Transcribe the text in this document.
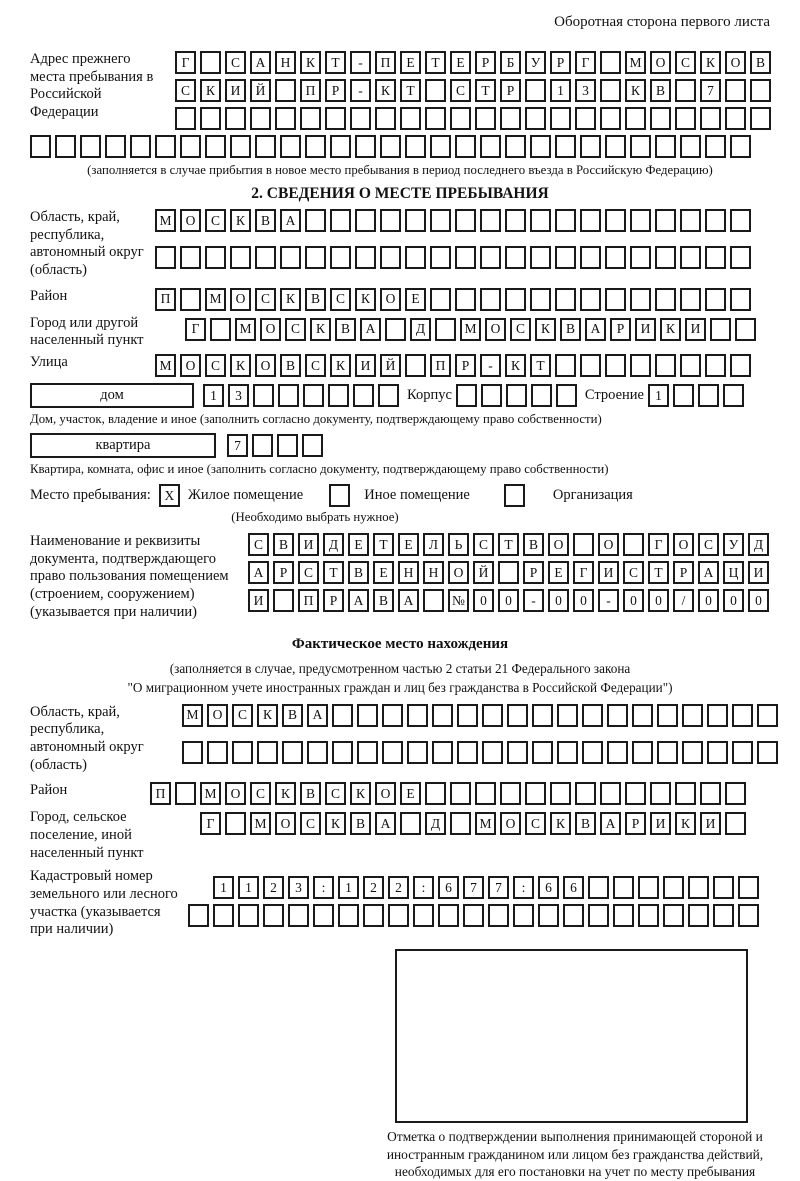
Оборотная сторона первого листа
Адрес прежнего места пребывания в Российской Федерации
Г	С	А	Н	К	Т	-	П	Е	Т	Е	Р	Б	У	Р	Г	М	О	С	К	О	В
С	К	И	Й	П	Р	-	К	Т	С	Т	Р	1	3	К	В	7
(заполняется в случае прибытия в новое место пребывания в период последнего въезда в Российскую Федерацию)
2. СВЕДЕНИЯ О МЕСТЕ ПРЕБЫВАНИЯ
Область, край, республика, автономный округ (область)
М	О	С	К	В	А
Район	П	М	О	С	К	В	С	К	О	Е
Город или другой населенный пункт
Г	М	О	С	К	В	А	Д	М	О	С	К	В	А	Р	И	К	И
Улица	М	О	С	К	О	В	С	К	И	Й	П	Р	-	К	Т
дом	1	3	Корпус	Строение 1
Дом, участок, владение и иное (заполнить согласно документу, подтверждающему право собственности)
квартира	7
Квартира, комната, офис и иное (заполнить согласно документу, подтверждающему право собственности)
Место пребывания:	X Жилое помещение	Иное помещение	Организация
(Необходимо выбрать нужное)
Наименование и реквизиты документа, подтверждающего право пользования помещением (строением, сооружением) (указывается при наличии)
С	В	И	Д	Е	Т	Е	Л	Ь	С	Т	В	О	О	Г	О	С	У	Д
А	Р	С	Т	В	Е	Н	Н	О	Й	Р	Е	Г	И	С	Т	Р	А	Ц	И
И	П	Р	А	В	А	№	0	0	-	0	0	-	0	0	/	0	0	0
Фактическое место нахождения
(заполняется в случае, предусмотренном частью 2 статьи 21 Федерального закона
"О миграционном учете иностранных граждан и лиц без гражданства в Российской Федерации")
Область, край, республика, автономный округ (область)
М	О	С	К	В	А
Район	П	М	О	С	К	В	С	К	О	Е
Город, сельское поселение, иной населенный пункт
Г	М	О	С	К	В	А	Д	М	О	С	К	В	А	Р	И	К	И
Кадастровый номер земельного или лесного участка (указывается при наличии)
1	1	2	3	:	1	2	2	:	6	7	7	:	6	6
Отметка о подтверждении выполнения принимающей стороной и иностранным гражданином или лицом без гражданства действий, необходимых для его постановки на учет по месту пребывания
